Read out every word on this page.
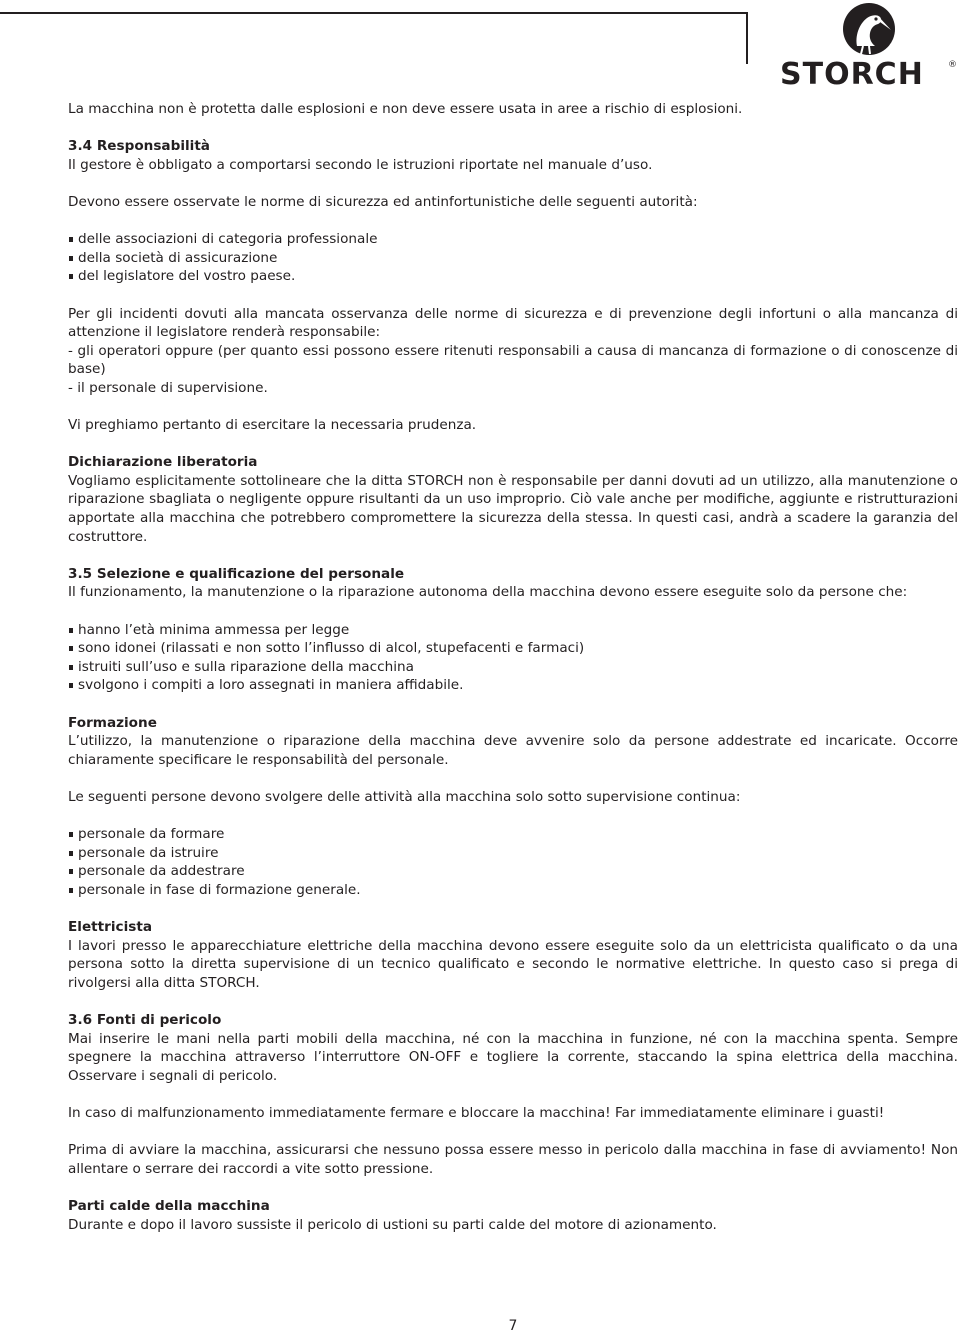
STORCH	®

La macchina non è protetta dalle esplosioni e non deve essere usata in aree a rischio di esplosioni.

3.4 Responsabilità
Il gestore è obbligato a comportarsi secondo le istruzioni riportate nel manuale d’uso.

Devono essere osservate le norme di sicurezza ed antinfortunistiche delle seguenti autorità:

delle associazioni di categoria professionale
della società di assicurazione
del legislatore del vostro paese.

Per gli incidenti dovuti alla mancata osservanza delle norme di sicurezza e di prevenzione degli infortuni o alla mancanza di attenzione il legislatore renderà responsabile:
- gli operatori oppure (per quanto essi possono essere ritenuti responsabili a causa di mancanza di formazione o di conoscenze di base)
- il personale di supervisione.

Vi preghiamo pertanto di esercitare la necessaria prudenza.

Dichiarazione liberatoria
Vogliamo esplicitamente sottolineare che la ditta STORCH non è responsabile per danni dovuti ad un utilizzo, alla manutenzione o riparazione sbagliata o negligente oppure risultanti da un uso improprio. Ciò vale anche per modifiche, aggiunte e ristrutturazioni apportate alla macchina che potrebbero compromettere la sicurezza della stessa. In questi casi, andrà a scadere la garanzia del costruttore.

3.5 Selezione e qualificazione del personale
Il funzionamento, la manutenzione o la riparazione autonoma della macchina devono essere eseguite solo da persone che:

hanno l’età minima ammessa per legge
sono idonei (rilassati e non sotto l’influsso di alcol, stupefacenti e farmaci)
istruiti sull’uso e sulla riparazione della macchina
svolgono i compiti a loro assegnati in maniera affidabile.

Formazione
L’utilizzo, la manutenzione o riparazione della macchina deve avvenire solo da persone addestrate ed incaricate. Occorre chiaramente specificare le responsabilità del personale.

Le seguenti persone devono svolgere delle attività alla macchina solo sotto supervisione continua:

personale da formare
personale da istruire
personale da addestrare
personale in fase di formazione generale.

Elettricista
I lavori presso le apparecchiature elettriche della macchina devono essere eseguite solo da un elettricista qualificato o da una persona sotto la diretta supervisione di un tecnico qualificato e secondo le normative elettriche. In questo caso si prega di rivolgersi alla ditta STORCH.

3.6 Fonti di pericolo
Mai inserire le mani nella parti mobili della macchina, né con la macchina in funzione, né con la macchina spenta. Sempre spegnere la macchina attraverso l’interruttore ON-OFF e togliere la corrente, staccando la spina elettrica della macchina. Osservare i segnali di pericolo.

In caso di malfunzionamento immediatamente fermare e bloccare la macchina! Far immediatamente eliminare i guasti!

Prima di avviare la macchina, assicurarsi che nessuno possa essere messo in pericolo dalla macchina in fase di avviamento! Non allentare o serrare dei raccordi a vite sotto pressione.

Parti calde della macchina
Durante e dopo il lavoro sussiste il pericolo di ustioni su parti calde del motore di azionamento.

7
